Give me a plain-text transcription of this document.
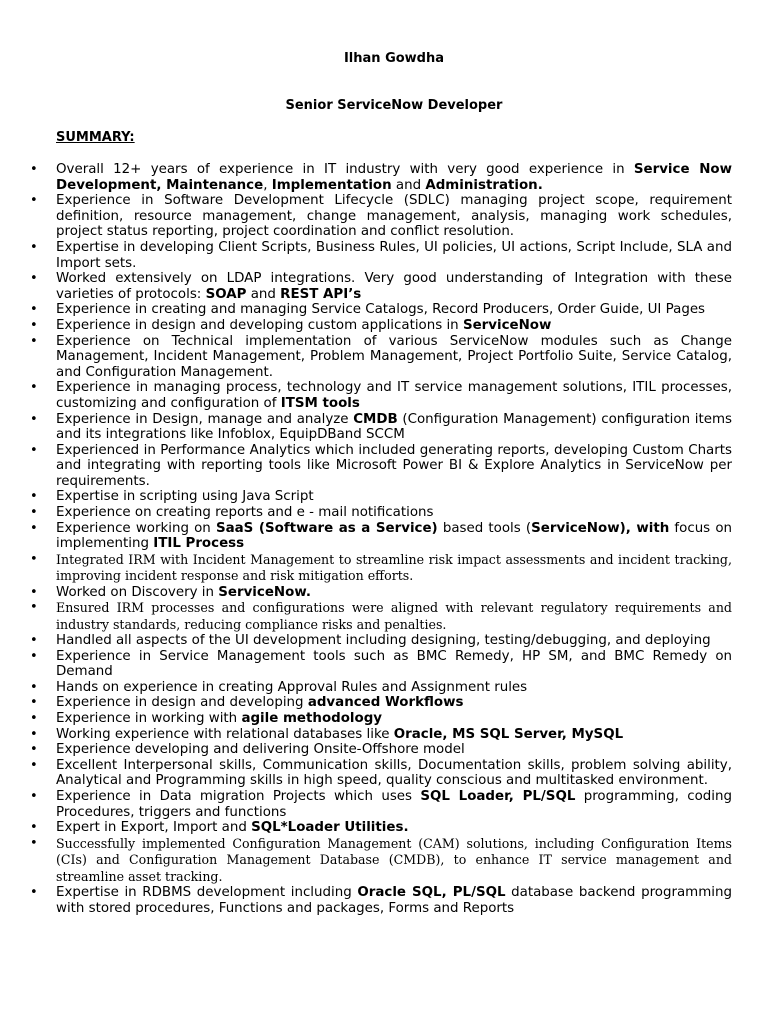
Ilhan Gowdha
Senior ServiceNow Developer
SUMMARY:
• Overall 12+ years of experience in IT industry with very good experience in Service Now Development, Maintenance, Implementation and Administration.
• Experience in Software Development Lifecycle (SDLC) managing project scope, requirement definition, resource management, change management, analysis, managing work schedules, project status reporting, project coordination and conflict resolution.
• Expertise in developing Client Scripts, Business Rules, UI policies, UI actions, Script Include, SLA and Import sets.
• Worked extensively on LDAP integrations. Very good understanding of Integration with these varieties of protocols: SOAP and REST API’s
• Experience in creating and managing Service Catalogs, Record Producers, Order Guide, UI Pages
• Experience in design and developing custom applications in ServiceNow
• Experience on Technical implementation of various ServiceNow modules such as Change Management, Incident Management, Problem Management, Project Portfolio Suite, Service Catalog, and Configuration Management.
• Experience in managing process, technology and IT service management solutions, ITIL processes, customizing and configuration of ITSM tools
• Experience in Design, manage and analyze CMDB (Configuration Management) configuration items and its integrations like Infoblox, EquipDBand SCCM
• Experienced in Performance Analytics which included generating reports, developing Custom Charts and integrating with reporting tools like Microsoft Power BI & Explore Analytics in ServiceNow per requirements.
• Expertise in scripting using Java Script
• Experience on creating reports and e - mail notifications
• Experience working on SaaS (Software as a Service) based tools (ServiceNow), with focus on implementing ITIL Process
• Integrated IRM with Incident Management to streamline risk impact assessments and incident tracking, improving incident response and risk mitigation efforts.
• Worked on Discovery in ServiceNow.
• Ensured IRM processes and configurations were aligned with relevant regulatory requirements and industry standards, reducing compliance risks and penalties.
• Handled all aspects of the UI development including designing, testing/debugging, and deploying
• Experience in Service Management tools such as BMC Remedy, HP SM, and BMC Remedy on Demand
• Hands on experience in creating Approval Rules and Assignment rules
• Experience in design and developing advanced Workflows
• Experience in working with agile methodology
• Working experience with relational databases like Oracle, MS SQL Server, MySQL
• Experience developing and delivering Onsite-Offshore model
• Excellent Interpersonal skills, Communication skills, Documentation skills, problem solving ability, Analytical and Programming skills in high speed, quality conscious and multitasked environment.
• Experience in Data migration Projects which uses SQL Loader, PL/SQL programming, coding Procedures, triggers and functions
• Expert in Export, Import and SQL*Loader Utilities.
• Successfully implemented Configuration Management (CAM) solutions, including Configuration Items (CIs) and Configuration Management Database (CMDB), to enhance IT service management and streamline asset tracking.
• Expertise in RDBMS development including Oracle SQL, PL/SQL database backend programming with stored procedures, Functions and packages, Forms and Reports
